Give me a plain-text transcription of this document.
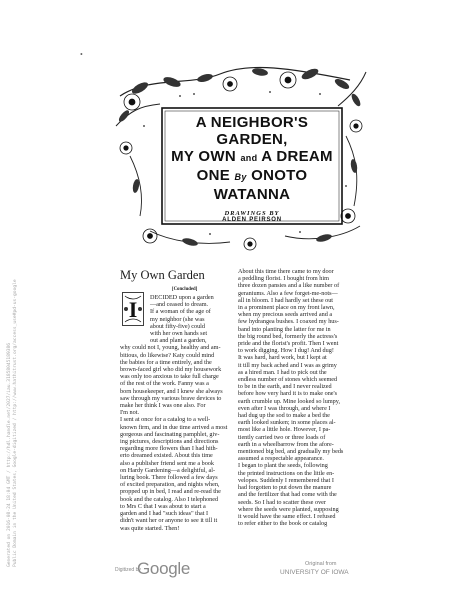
Generated on 2016-08-24 18:04 GMT / http://hdl.handle.net/2027/iau.31858045189386 Public Domain in the United States, Google-digitized / http://www.hathitrust.org/access_use#pd-us-google
•
A NEIGHBOR'S GARDEN,
MY OWN and A DREAM
ONE By ONOTO WATANNA
DRAWINGS BY
ALDEN PEIRSON
My Own Garden
[Concluded]
I	DECIDED upon a garden
—and ceased to dream.
If a woman of the age of
my neighbor (she was
about fifty-five) could
with her own hands set
out and plant a garden,
why could not I, young, healthy and am-
bitious, do likewise? Katy could mind
the babies for a time entirely, and the
brown-faced girl who did my housework
was only too anxious to take full charge
of the rest of the work. Fanny was a
born housekeeper, and I knew she always
saw through my various brave devices to
make her think I was one also. For
I'm not.
I sent at once for a catalog to a well-
known firm, and in due time arrived a most
gorgeous and fascinating pamphlet, giv-
ing pictures, descriptions and directions
regarding more flowers than I had hith-
erto dreamed existed. About this time
also a publisher friend sent me a book
on Hardy Gardening—a delightful, al-
luring book. There followed a few days
of excited preparation, and nights when,
propped up in bed, I read and re-read the
book and the catalog. Also I telephoned
to Mrs C that I was about to start a
garden and I had "such ideas" that I
didn't want her or anyone to see it till it
was quite started. Then!
About this time there came to my door
a peddling florist. I bought from him
three dozen pansies and a like number of
geraniums. Also a few forget-me-nots—
all in bloom. I had hardly set these out
in a prominent place on my front lawn,
when my precious seeds arrived and a
few hydrangea bushes. I coaxed my hus-
band into planting the latter for me in
the big round bed, formerly the actress's
pride and the florist's profit. Then I went
to work digging. How I dug! And dug!
It was hard, hard work, but I kept at
it till my back ached and I was as grimy
as a hired man. I had to pick out the
endless number of stones which seemed
to be in the earth, and I never realized
before how very hard it is to make one's
earth crumble up. Mine looked so lumpy,
even after I was through, and where I
had dug up the sod to make a bed the
earth looked sunken; in some places al-
most like a little hole. However, I pa-
tiently carried two or three loads of
earth in a wheelbarrow from the afore-
mentioned big bed, and gradually my beds
assumed a respectable appearance.
I began to plant the seeds, following
the printed instructions on the little en-
velopes. Suddenly I remembered that I
had forgotten to put down the manure
and the fertilizer that had come with the
seeds. So I had to scatter these over
where the seeds were planted, supposing
it would have the same effect. I refused
to refer either to the book or catalog
Digitized by
Google	Original from
UNIVERSITY OF IOWA
